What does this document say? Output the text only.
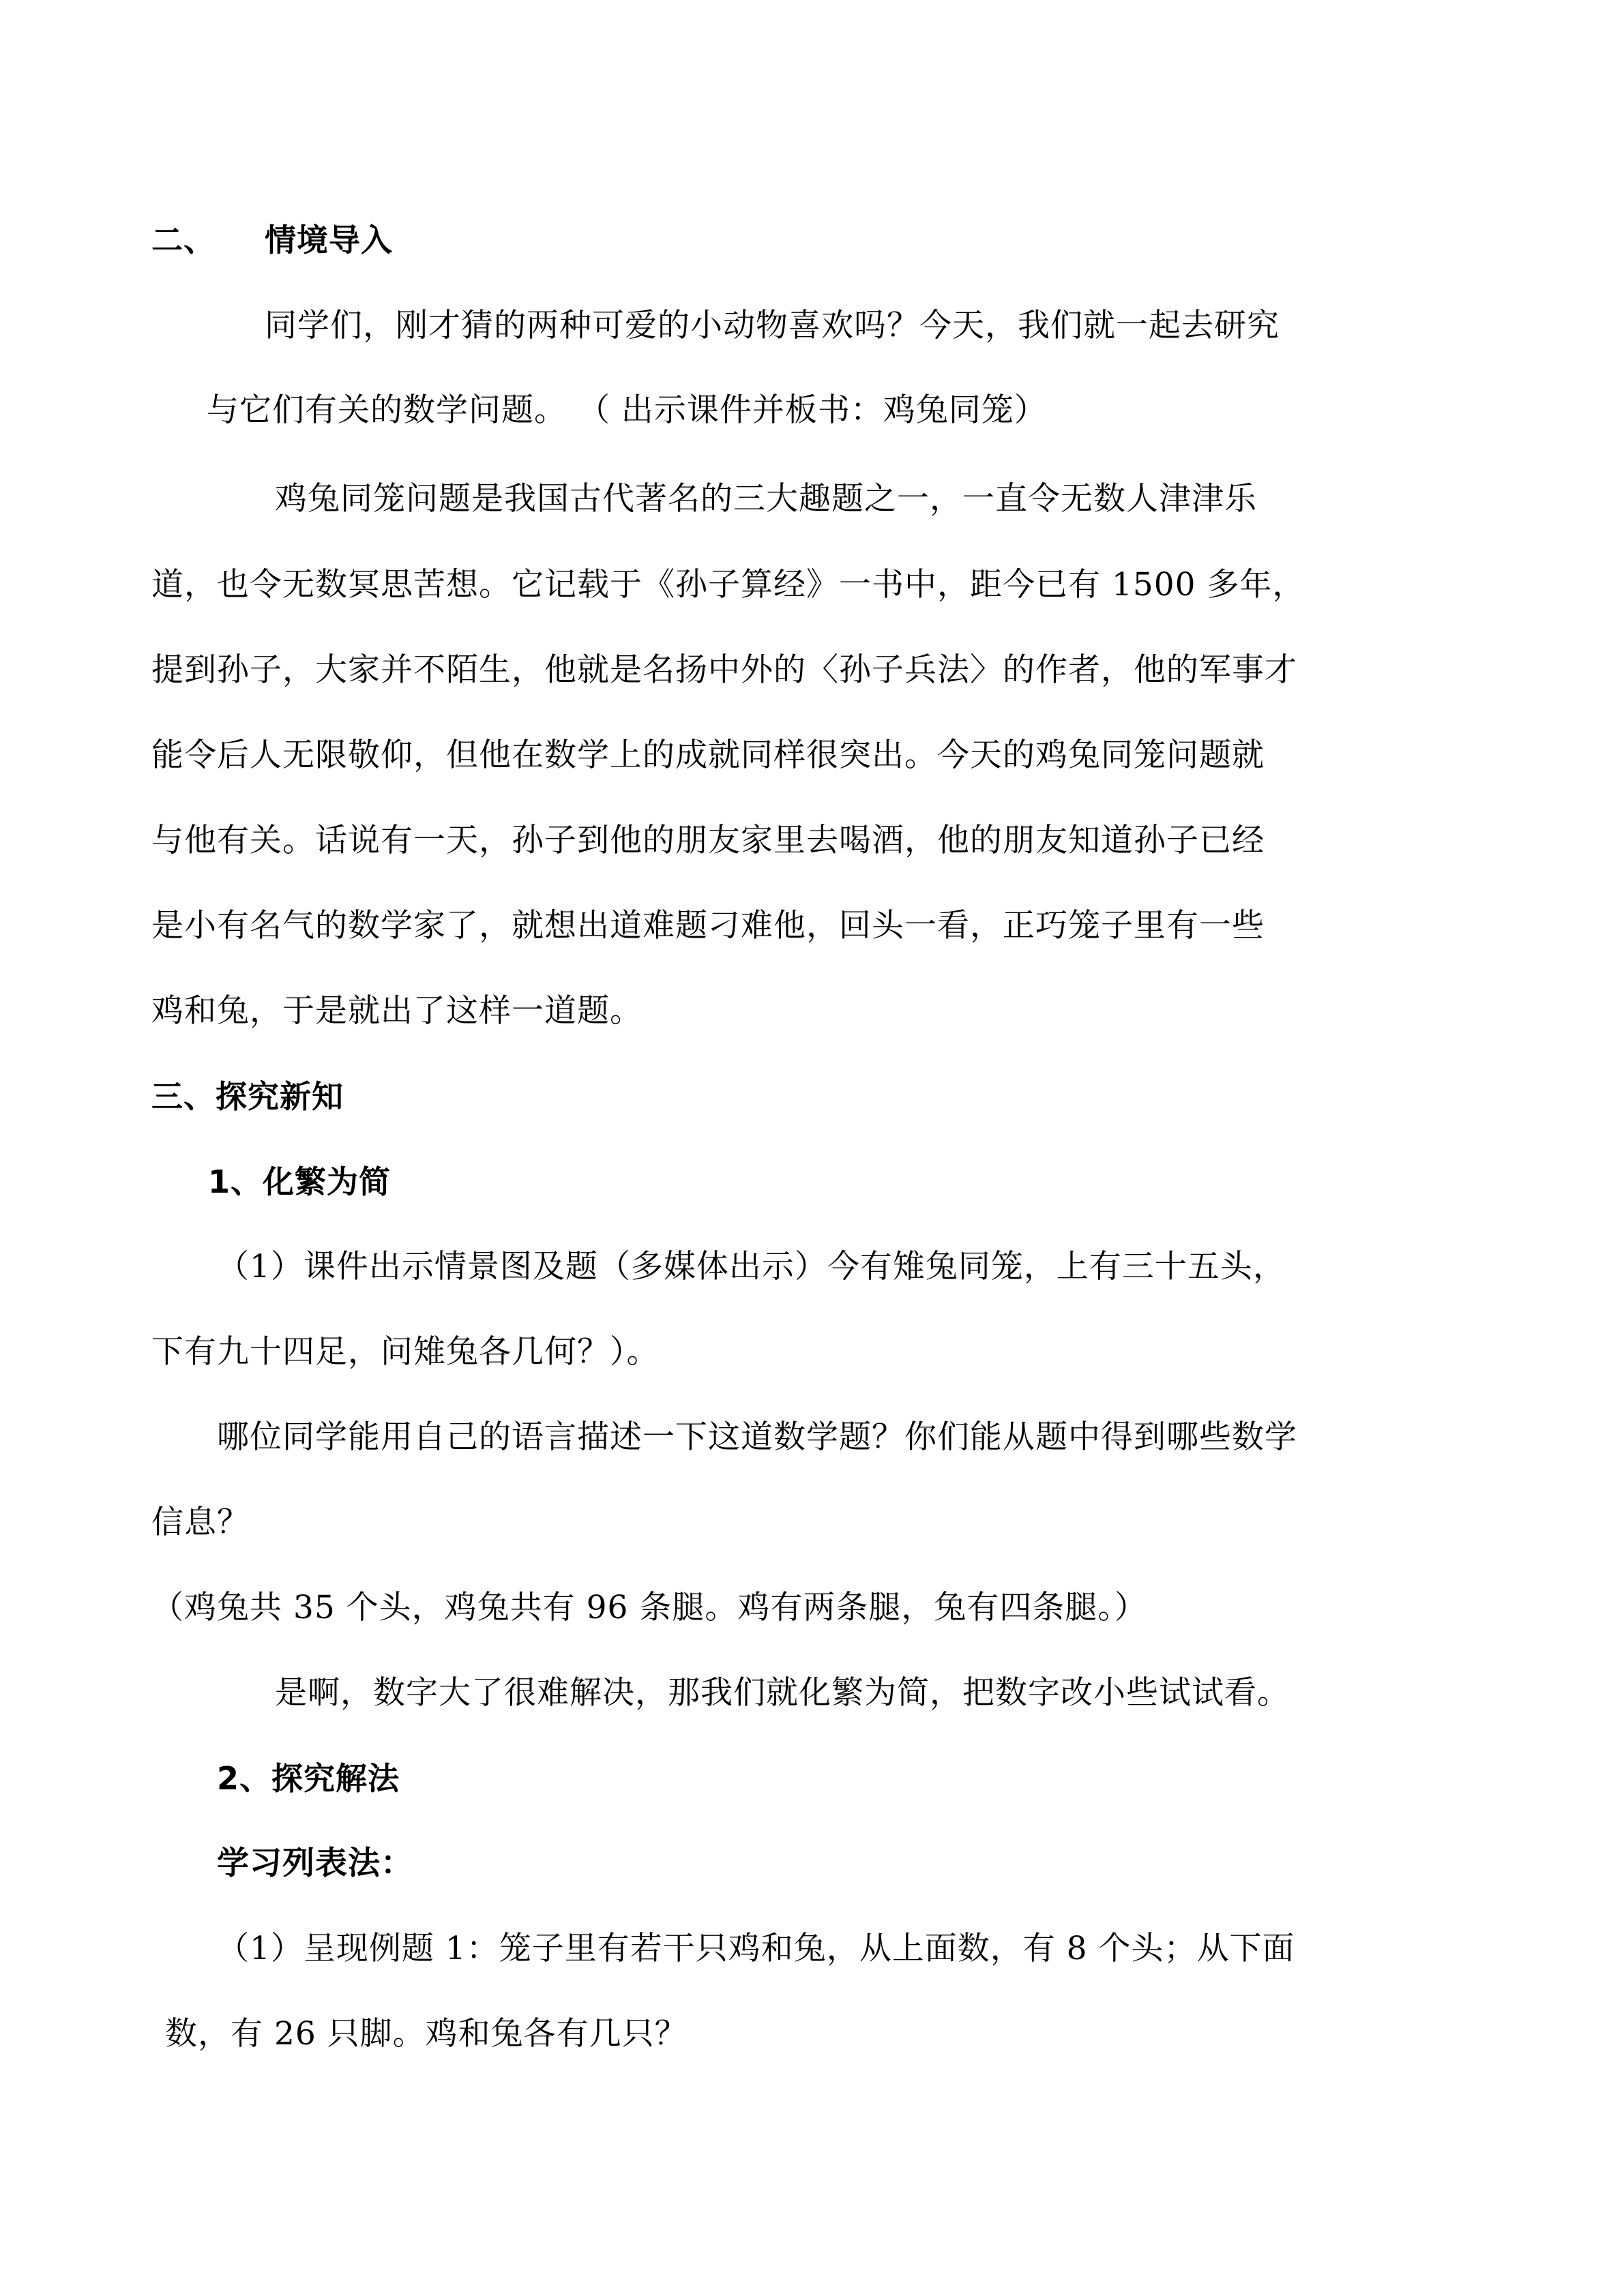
二、 情境导入
同学们，刚才猜的两种可爱的小动物喜欢吗？今天，我们就一起去研究
与它们有关的数学问题。 （ 出示课件并板书：鸡兔同笼）
鸡兔同笼问题是我国古代著名的三大趣题之一，一直令无数人津津乐
道，也令无数冥思苦想。它记载于《孙子算经》一书中，距今已有 1500 多年，
提到孙子，大家并不陌生，他就是名扬中外的〈孙子兵法〉的作者，他的军事才
能令后人无限敬仰，但他在数学上的成就同样很突出。今天的鸡兔同笼问题就
与他有关。话说有一天，孙子到他的朋友家里去喝酒，他的朋友知道孙子已经
是小有名气的数学家了，就想出道难题刁难他，回头一看，正巧笼子里有一些
鸡和兔，于是就出了这样一道题。
三、探究新知
1、化繁为简
（1）课件出示情景图及题（多媒体出示）今有雉兔同笼，上有三十五头，
下有九十四足，问雉兔各几何？）。
哪位同学能用自己的语言描述一下这道数学题？你们能从题中得到哪些数学
信息？
（鸡兔共 35 个头，鸡兔共有 96 条腿。鸡有两条腿，兔有四条腿。）
是啊，数字大了很难解决，那我们就化繁为简，把数字改小些试试看。
2、探究解法
学习列表法：
（1）呈现例题 1：笼子里有若干只鸡和兔，从上面数，有 8 个头；从下面
数，有 26 只脚。鸡和兔各有几只？
